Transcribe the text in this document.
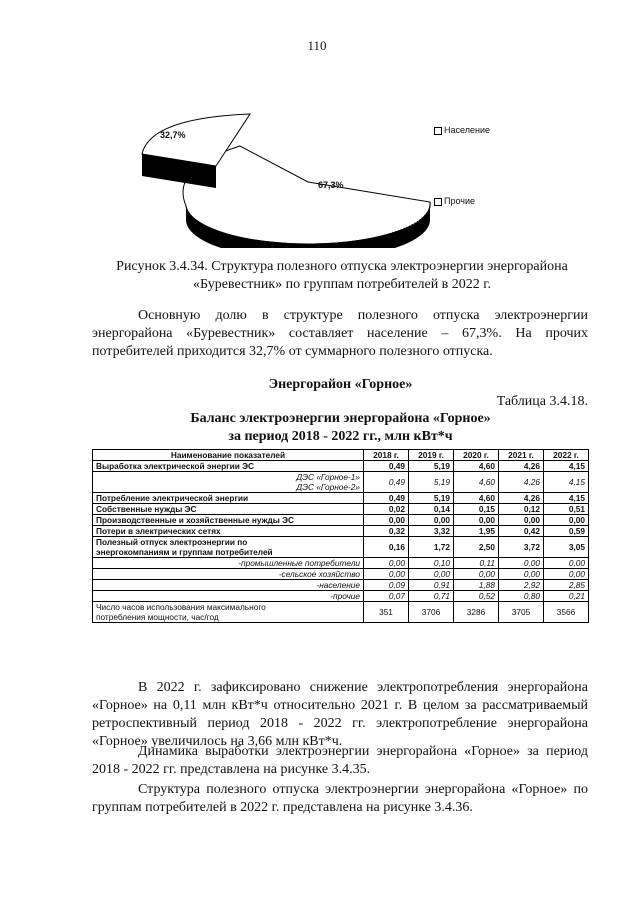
110
32,7%
67,3%
Население
Прочие
Рисунок 3.4.34. Структура полезного отпуска электроэнергии энергорайона
«Буревестник» по группам потребителей в 2022 г.
Основную долю в структуре полезного отпуска электроэнергии энергорайона «Буревестник» составляет население – 67,3%. На прочих потребителей приходится 32,7% от суммарного полезного отпуска.
Энергорайон «Горное»
Таблица 3.4.18.
Баланс электроэнергии энергорайона «Горное»
за период 2018 - 2022 гг., млн кВт*ч
Наименование показателей	2018 г.	2019 г.	2020 г.	2021 г.	2022 г.
Выработка электрической энергии ЭС	0,49	5,19	4,60	4,26	4,15

ДЭС «Горное-1»
ДЭС «Горное-2»	0,49	5,19	4,60	4,26	4,15
Потребление электрической энергии	0,49	5,19	4,60	4,26	4,15
Собственные нужды ЭС	0,02	0,14	0,15	0,12	0,51
Производственные и хозяйственные нужды ЭС	0,00	0,00	0,00	0,00	0,00
Потери в электрических сетях	0,32	3,32	1,95	0,42	0,59

Полезный отпуск электроэнергии по
энергокомпаниям и группам потребителей	0,16	1,72	2,50	3,72	3,05
-промышленные потребители	0,00	0,10	0,11	0,00	0,00
-сельское хозяйство	0,00	0,00	0,00	0,00	0,00
-население	0,09	0,91	1,88	2,92	2,85
-прочие	0,07	0,71	0,52	0,80	0,21

Число часов использования максимального
потребления мощности, час/год	351	3706	3286	3705	3566
В 2022 г. зафиксировано снижение электропотребления энергорайона «Горное» на 0,11 млн кВт*ч относительно 2021 г. В целом за рассматриваемый ретроспективный период 2018 - 2022 гг. электропотребление энергорайона «Горное» увеличилось на 3,66 млн кВт*ч.
Динамика выработки электроэнергии энергорайона «Горное» за период 2018 - 2022 гг. представлена на рисунке 3.4.35.
Структура полезного отпуска электроэнергии энергорайона «Горное» по группам потребителей в 2022 г. представлена на рисунке 3.4.36.
